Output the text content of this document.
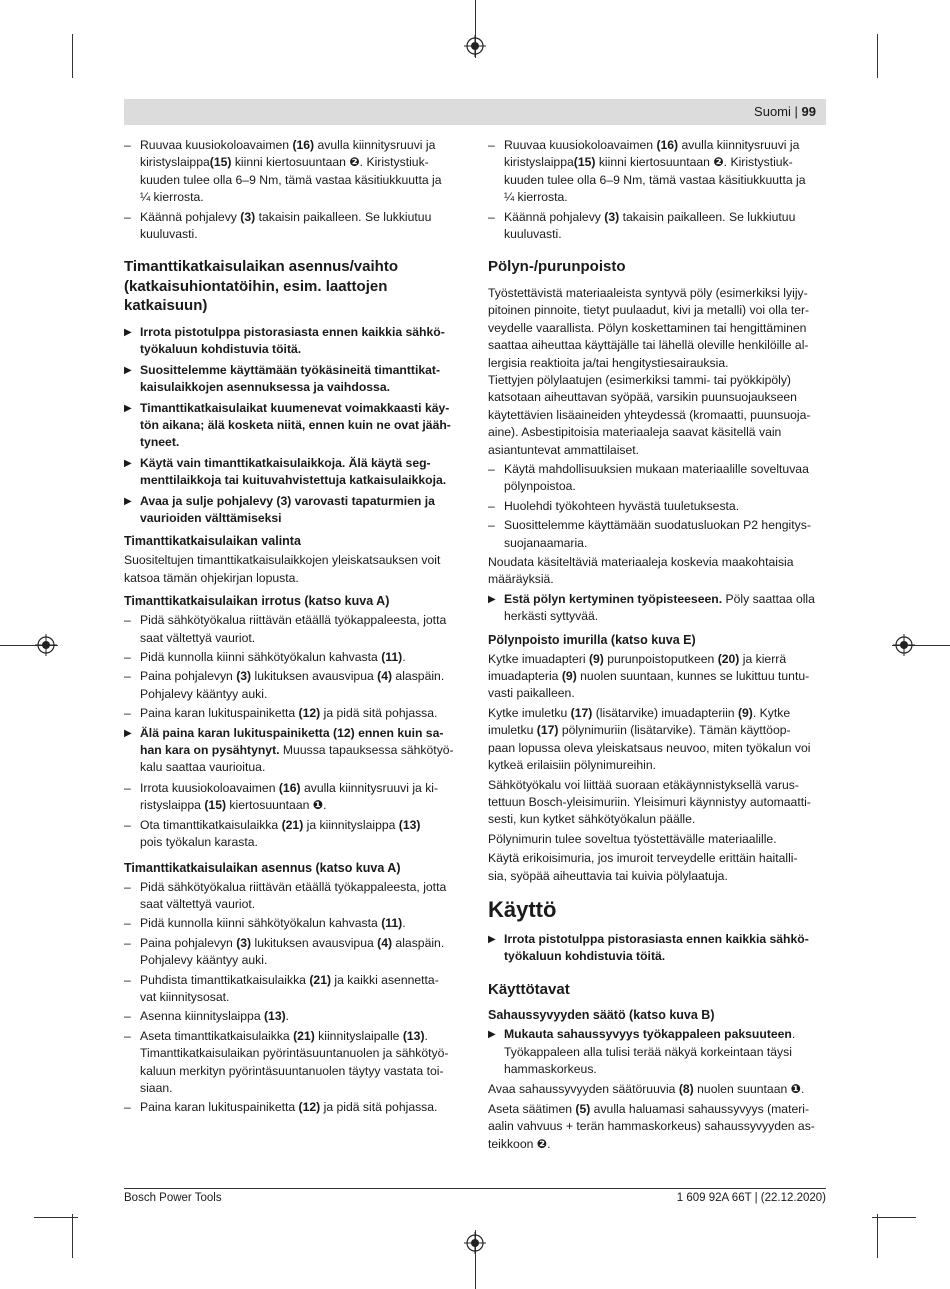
Suomi | 99
– Ruuvaa kuusiokoloavaimen (16) avulla kiinnitysruuvi ja
kiristyslaippa(15) kiinni kiertosuuntaan ❷. Kiristystiuk-
kuuden tulee olla 6–9 Nm, tämä vastaa käsitiukkuutta ja
¼ kierrosta.
– Käännä pohjalevy (3) takaisin paikalleen. Se lukkiutuu
kuuluvasti.
Timanttikatkaisulaikan asennus/vaihto
(katkaisuhiontatöihin, esim. laattojen
katkaisuun)
▶ Irrota pistotulppa pistorasiasta ennen kaikkia sähkö-
työkaluun kohdistuvia töitä.
▶ Suosittelemme käyttämään työkäsineitä timanttikat-
kaisulaikkojen asennuksessa ja vaihdossa.
▶ Timanttikatkaisulaikat kuumenevat voimakkaasti käy-
tön aikana; älä kosketa niitä, ennen kuin ne ovat jääh-
tyneet.
▶ Käytä vain timanttikatkaisulaikkoja. Älä käytä seg-
menttilaikkoja tai kuituvahvistettuja katkaisulaikkoja.
▶ Avaa ja sulje pohjalevy (3) varovasti tapaturmien ja
vaurioiden välttämiseksi
Timanttikatkaisulaikan valinta

Suositeltujen timanttikatkaisulaikkojen yleiskatsauksen voit
katsoa tämän ohjekirjan lopusta.

Timanttikatkaisulaikan irrotus (katso kuva A)
– Pidä sähkötyökalua riittävän etäällä työkappaleesta, jotta
saat vältettyä vauriot.
– Pidä kunnolla kiinni sähkötyökalun kahvasta (11).
– Paina pohjalevyn (3) lukituksen avausvipua (4) alaspäin.
Pohjalevy kääntyy auki.
– Paina karan lukituspainiketta (12) ja pidä sitä pohjassa.
▶ Älä paina karan lukituspainiketta (12) ennen kuin sa-
han kara on pysähtynyt. Muussa tapauksessa sähkötyö-
kalu saattaa vaurioitua.
– Irrota kuusiokoloavaimen (16) avulla kiinnitysruuvi ja ki-
ristyslaippa (15) kiertosuuntaan ❶.
– Ota timanttikatkaisulaikka (21) ja kiinnityslaippa (13)
pois työkalun karasta.
Timanttikatkaisulaikan asennus (katso kuva A)
– Pidä sähkötyökalua riittävän etäällä työkappaleesta, jotta
saat vältettyä vauriot.
– Pidä kunnolla kiinni sähkötyökalun kahvasta (11).
– Paina pohjalevyn (3) lukituksen avausvipua (4) alaspäin.
Pohjalevy kääntyy auki.
– Puhdista timanttikatkaisulaikka (21) ja kaikki asennetta-
vat kiinnitysosat.
– Asenna kiinnityslaippa (13).
– Aseta timanttikatkaisulaikka (21) kiinnityslaipalle (13).
Timanttikatkaisulaikan pyörintäsuuntanuolen ja sähkötyö-
kaluun merkityn pyörintäsuuntanuolen täytyy vastata toi-
siaan.
– Paina karan lukituspainiketta (12) ja pidä sitä pohjassa.
– Ruuvaa kuusiokoloavaimen (16) avulla kiinnitysruuvi ja
kiristyslaippa(15) kiinni kiertosuuntaan ❷. Kiristystiuk-
kuuden tulee olla 6–9 Nm, tämä vastaa käsitiukkuutta ja
¼ kierrosta.
– Käännä pohjalevy (3) takaisin paikalleen. Se lukkiutuu
kuuluvasti.
Pölyn-/purunpoisto

Työstettävistä materiaaleista syntyvä pöly (esimerkiksi lyijy-
pitoinen pinnoite, tietyt puulaadut, kivi ja metalli) voi olla ter-
veydelle vaarallista. Pölyn koskettaminen tai hengittäminen
saattaa aiheuttaa käyttäjälle tai lähellä oleville henkilöille al-
lergisia reaktioita ja/tai hengitystiesairauksia.
Tiettyjen pölylaatujen (esimerkiksi tammi- tai pyökkipöly)
katsotaan aiheuttavan syöpää, varsikin puunsuojaukseen
käytettävien lisäaineiden yhteydessä (kromaatti, puunsuoja-
aine). Asbestipitoisia materiaaleja saavat käsitellä vain
asiantuntevat ammattilaiset.

– Käytä mahdollisuuksien mukaan materiaalille soveltuvaa
pölynpoistoa.
– Huolehdi työkohteen hyvästä tuuletuksesta.
– Suosittelemme käyttämään suodatusluokan P2 hengitys-
suojanaamaria.

Noudata käsiteltäviä materiaaleja koskevia maakohtaisia
määräyksiä.

▶ Estä pölyn kertyminen työpisteeseen. Pöly saattaa olla
herkästi syttyvää.
Pölynpoisto imurilla (katso kuva E)

Kytke imuadapteri (9) purunpoistoputkeen (20) ja kierrä
imuadapteria (9) nuolen suuntaan, kunnes se lukittuu tuntu-
vasti paikalleen.

Kytke imuletku (17) (lisätarvike) imuadapteriin (9). Kytke
imuletku (17) pölynimuriin (lisätarvike). Tämän käyttöop-
paan lopussa oleva yleiskatsaus neuvoo, miten työkalun voi
kytkeä erilaisiin pölynimureihin.

Sähkötyökalu voi liittää suoraan etäkäynnistyksellä varus-
tettuun Bosch-yleisimuriin. Yleisimuri käynnistyy automaatti-
sesti, kun kytket sähkötyökalun päälle.

Pölynimurin tulee soveltua työstettävälle materiaalille.

Käytä erikoisimuria, jos imuroit terveydelle erittäin haitalli-
sia, syöpää aiheuttavia tai kuivia pölylaatuja.

Käyttö
▶ Irrota pistotulppa pistorasiasta ennen kaikkia sähkö-
työkaluun kohdistuvia töitä.
Käyttötavat
Sahaussyvyyden säätö (katso kuva B)
▶ Mukauta sahaussyvyys työkappaleen paksuuteen.
Työkappaleen alla tulisi terää näkyä korkeintaan täysi
hammaskorkeus.

Avaa sahaussyvyyden säätöruuvia (8) nuolen suuntaan ❶.

Aseta säätimen (5) avulla haluamasi sahaussyvyys (materi-
aalin vahvuus + terän hammaskorkeus) sahaussyvyyden as-
teikkoon ❷.

Bosch Power Tools	1 609 92A 66T | (22.12.2020)
